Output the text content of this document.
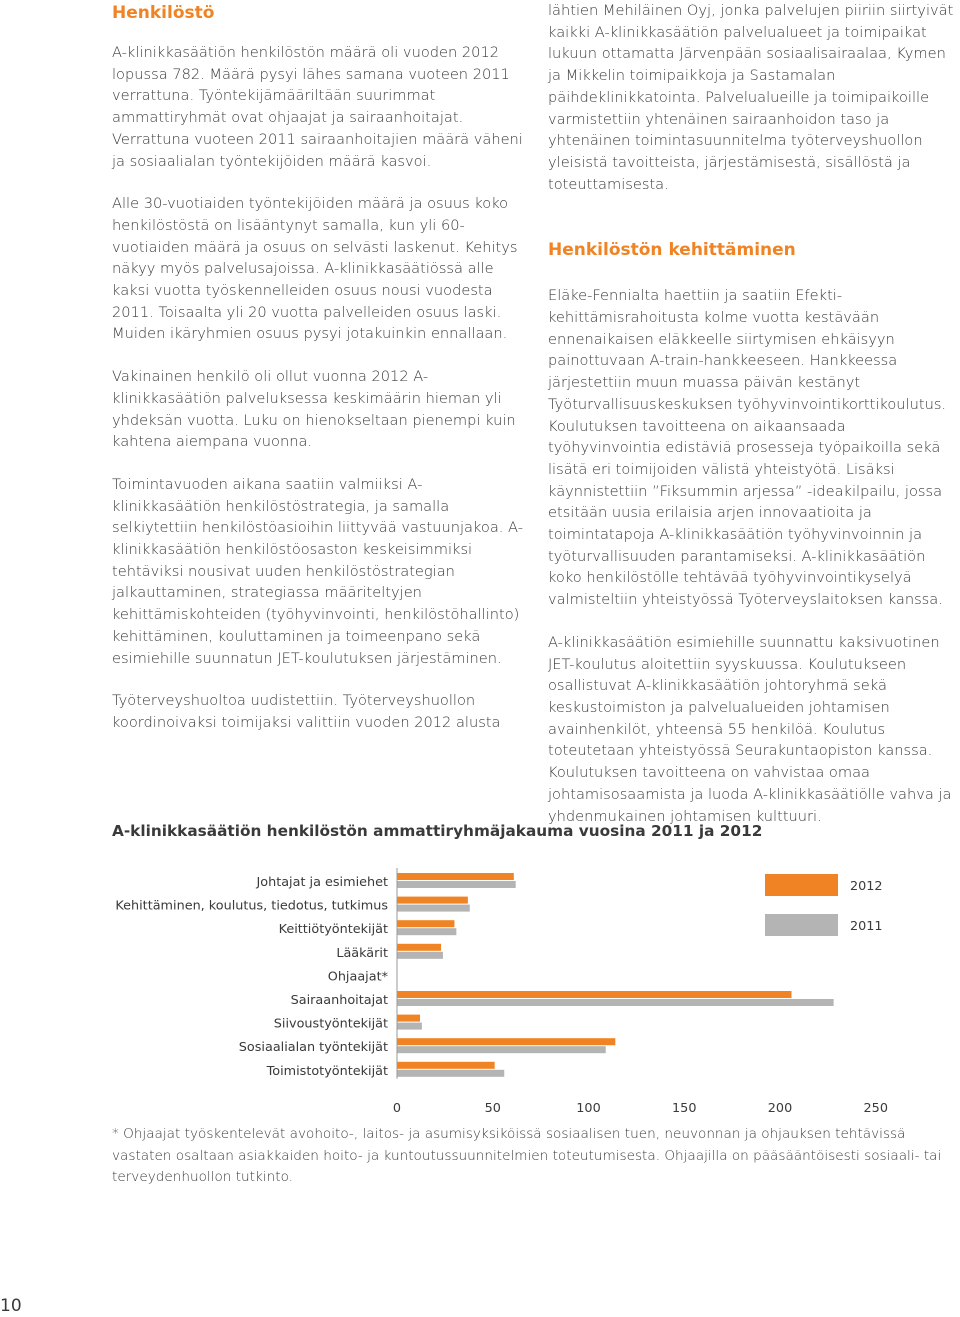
Henkilöstö

A-klinikkasäätiön henkilöstön määrä oli vuoden 2012 lopussa 782. Määrä pysyi lähes samana vuoteen 2011 verrattuna. Työntekijämääriltään suurimmat ammattiryhmät ovat ohjaajat ja sairaanhoitajat. Verrattuna vuoteen 2011 sairaanhoitajien määrä väheni ja sosiaalialan työntekijöiden määrä kasvoi.

Alle 30-vuotiaiden työntekijöiden määrä ja osuus koko henkilöstöstä on lisääntynyt samalla, kun yli 60-vuotiaiden määrä ja osuus on selvästi laskenut. Kehitys näkyy myös palvelusajoissa. A-klinikkasäätiössä alle kaksi vuotta työskennelleiden osuus nousi vuodesta 2011. Toisaalta yli 20 vuotta palvelleiden osuus laski. Muiden ikäryhmien osuus pysyi jotakuinkin ennallaan.

Vakinainen henkilö oli ollut vuonna 2012 A-klinikkasäätiön palveluksessa keskimäärin hieman yli yhdeksän vuotta. Luku on hienokseltaan pienempi kuin kahtena aiempana vuonna.

Toimintavuoden aikana saatiin valmiiksi A-klinikkasäätiön henkilöstöstrategia, ja samalla selkiytettiin henkilöstöasioihin liittyvää vastuunjakoa. A-klinikkasäätiön henkilöstöosaston keskeisimmiksi tehtäviksi nousivat uuden henkilöstöstrategian jalkauttaminen, strategiassa määriteltyjen kehittämiskohteiden (työhyvinvointi, henkilöstöhallinto) kehittäminen, kouluttaminen ja toimeenpano sekä esimiehille suunnatun JET-koulutuksen järjestäminen.

Työterveyshuoltoa uudistettiin. Työterveyshuollon koordinoivaksi toimijaksi valittiin vuoden 2012 alusta

lähtien Mehiläinen Oyj, jonka palvelujen piiriin siirtyivät kaikki A-klinikkasäätiön palvelualueet ja toimipaikat lukuun ottamatta Järvenpään sosiaalisairaalaa, Kymen ja Mikkelin toimipaikkoja ja Sastamalan päihdeklinikkatointa. Palvelualueille ja toimipaikoille varmistettiin yhtenäinen sairaanhoidon taso ja yhtenäinen toimintasuunnitelma työterveyshuollon yleisistä tavoitteista, järjestämisestä, sisällöstä ja toteuttamisesta.

Henkilöstön kehittäminen

Eläke-Fennialta haettiin ja saatiin Efekti-kehittämisrahoitusta kolme vuotta kestävään ennenaikaisen eläkkeelle siirtymisen ehkäisyyn painottuvaan A-train-hankkeeseen. Hankkeessa järjestettiin muun muassa päivän kestänyt Työturvallisuuskeskuksen työhyvinvointikorttikoulutus. Koulutuksen tavoitteena on aikaansaada työhyvinvointia edistäviä prosesseja työpaikoilla sekä lisätä eri toimijoiden välistä yhteistyötä. Lisäksi käynnistettiin ”Fiksummin arjessa” -ideakilpailu, jossa etsitään uusia erilaisia arjen innovaatioita ja toimintatapoja A-klinikkasäätiön työhyvinvoinnin ja työturvallisuuden parantamiseksi. A-klinikkasäätiön koko henkilöstölle tehtävää työhyvinvointikyselyä valmisteltiin yhteistyössä Työterveyslaitoksen kanssa.

A-klinikkasäätiön esimiehille suunnattu kaksivuotinen JET-koulutus aloitettiin syyskuussa. Koulutukseen osallistuvat A-klinikkasäätiön johtoryhmä sekä keskustoimiston ja palvelualueiden johtamisen avainhenkilöt, yhteensä 55 henkilöä. Koulutus toteutetaan yhteistyössä Seurakuntaopiston kanssa. Koulutuksen tavoitteena on vahvistaa omaa johtamisosaamista ja luoda A-klinikkasäätiölle vahva ja yhdenmukainen johtamisen kulttuuri.

A-klinikkasäätiön henkilöstön ammattiryhmäjakauma vuosina 2011 ja 2012
Johtajat ja esimiehet
Kehittäminen, koulutus, tiedotus, tutkimus
Keittiötyöntekijät
Lääkärit
Ohjaajat*
Sairaanhoitajat
Siivoustyöntekijät
Sosiaalialan työntekijät
Toimistotyöntekijät
0	50	100	150	200	250
2012
2011
* Ohjaajat työskentelevät avohoito-, laitos- ja asumisyksiköissä sosiaalisen tuen, neuvonnan ja ohjauksen tehtävissä vastaten osaltaan asiakkaiden hoito- ja kuntoutussuunnitelmien toteutumisesta. Ohjaajilla on pääsääntöisesti sosiaali- tai terveydenhuollon tutkinto.
10
